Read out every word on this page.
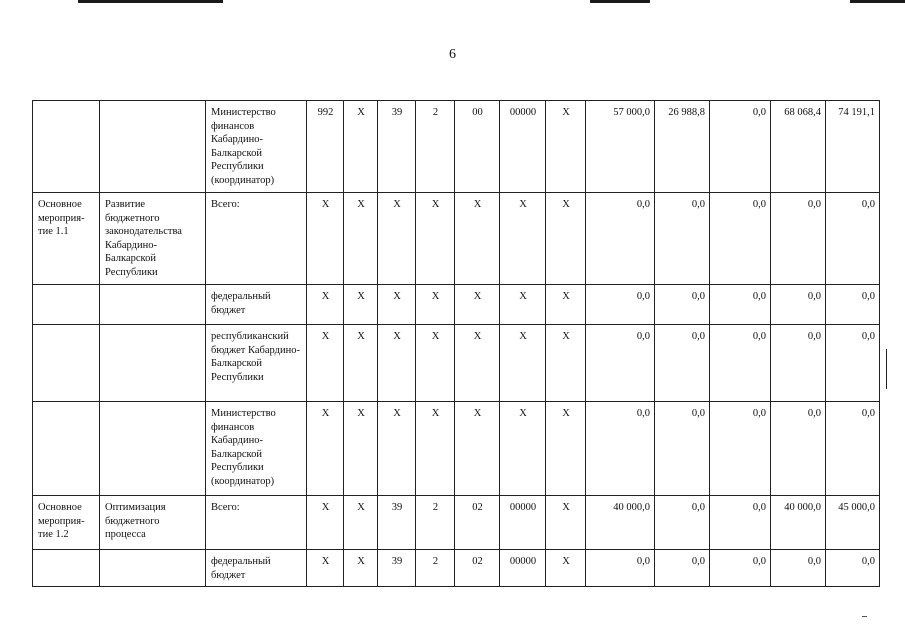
6
		Министерство финансов Кабардино-Балкарской Республики (координатор)	992	X	39	2	00	00000	X	57 000,0	26 988,8	0,0	68 068,4	74 191,1
Основное мероприя-тие 1.1	Развитие бюджетного законодательства Кабардино-Балкарской Республики	Всего:	X	X	X	X	X	X	X	0,0	0,0	0,0	0,0	0,0
		федеральный бюджет	X	X	X	X	X	X	X	0,0	0,0	0,0	0,0	0,0
		республиканский бюджет Кабардино-Балкарской Республики	X	X	X	X	X	X	X	0,0	0,0	0,0	0,0	0,0
		Министерство финансов Кабардино-Балкарской Республики (координатор)	X	X	X	X	X	X	X	0,0	0,0	0,0	0,0	0,0
Основное мероприя-тие 1.2	Оптимизация бюджетного процесса	Всего:	X	X	39	2	02	00000	X	40 000,0	0,0	0,0	40 000,0	45 000,0
		федеральный бюджет	X	X	39	2	02	00000	X	0,0	0,0	0,0	0,0	0,0
